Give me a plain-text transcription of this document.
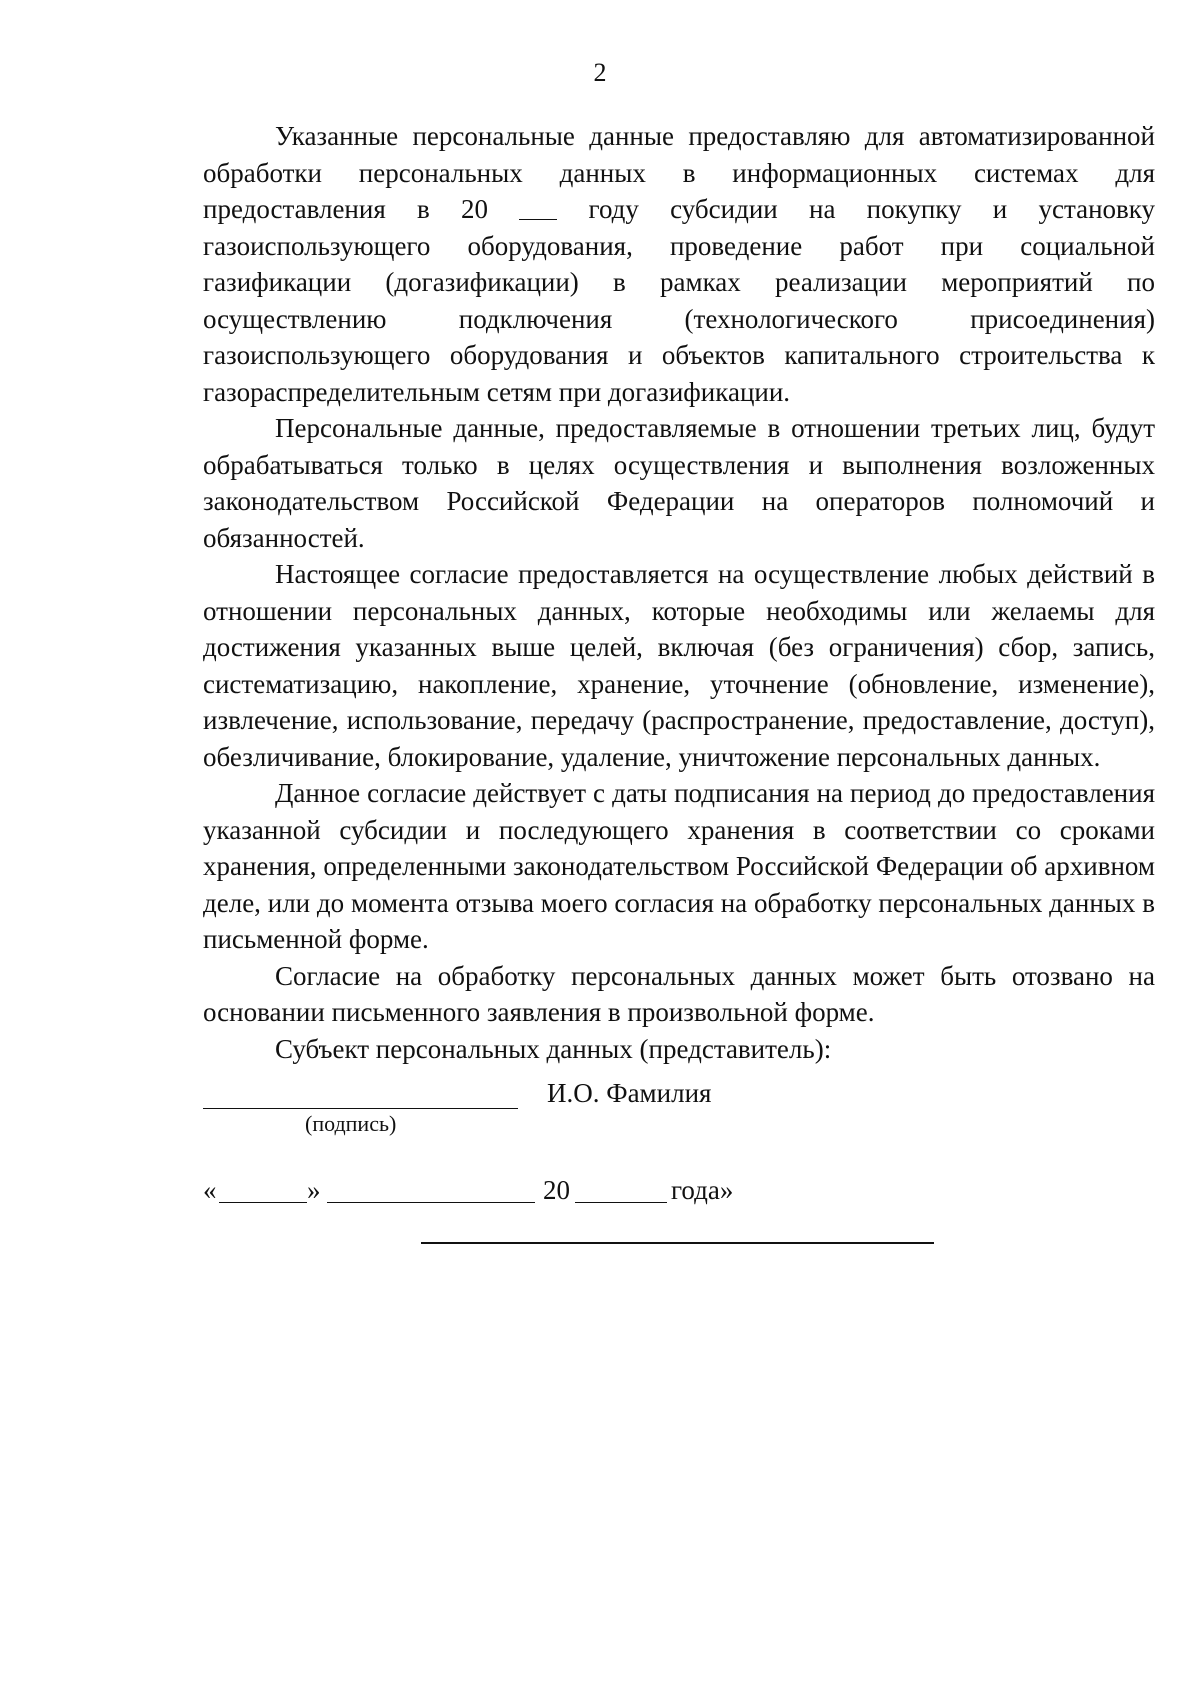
2

Указанные персональные данные предоставляю для автоматизированной обработки персональных данных в информационных системах для предоставления в 20	году субсидии на покупку и установку газоиспользующего оборудования, проведение работ при социальной газификации (догазификации) в рамках реализации мероприятий по осуществлению подключения (технологического присоединения) газоиспользующего оборудования и объектов капитального строительства к газораспределительным сетям при догазификации.

Персональные данные, предоставляемые в отношении третьих лиц, будут обрабатываться только в целях осуществления и выполнения возложенных законодательством Российской Федерации на операторов полномочий и обязанностей.

Настоящее согласие предоставляется на осуществление любых действий в отношении персональных данных, которые необходимы или желаемы для достижения указанных выше целей, включая (без ограничения) сбор, запись, систематизацию, накопление, хранение, уточнение (обновление, изменение), извлечение, использование, передачу (распространение, предоставление, доступ), обезличивание, блокирование, удаление, уничтожение персональных данных.

Данное согласие действует с даты подписания на период до предоставления указанной субсидии и последующего хранения в соответствии со сроками хранения, определенными законодательством Российской Федерации об архивном деле, или до момента отзыва моего согласия на обработку персональных данных в письменной форме.

Согласие на обработку персональных данных может быть отозвано на основании письменного заявления в произвольной форме.

Субъект персональных данных (представитель):

И.О. Фамилия
(подпись)
«	»	20	года»
